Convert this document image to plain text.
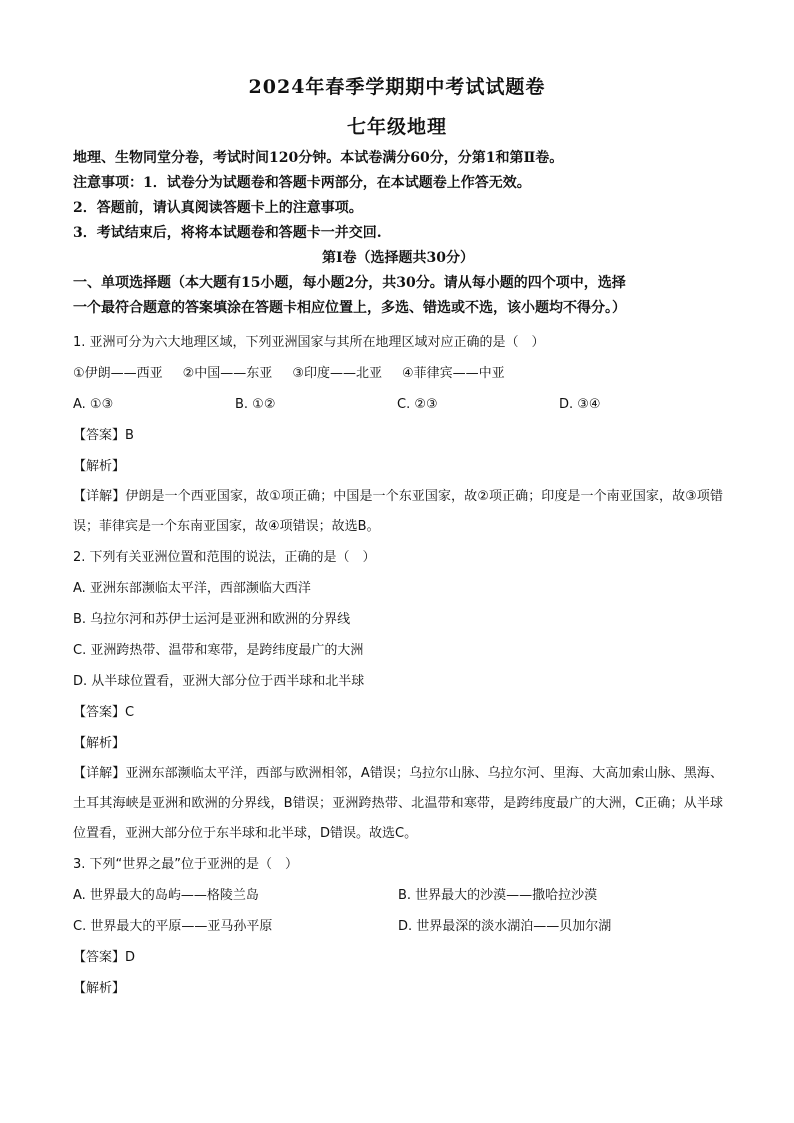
2024年春季学期期中考试试题卷
七年级地理
地理、生物同堂分卷，考试时间120分钟。本试卷满分60分，分第1和第Ⅱ卷。
注意事项：1．试卷分为试题卷和答题卡两部分，在本试题卷上作答无效。
2．答题前，请认真阅读答题卡上的注意事项。
3．考试结束后，将将本试题卷和答题卡一并交回.
第Ⅰ卷（选择题共30分）
一、单项选择题（本大题有15小题，每小题2分，共30分。请从每小题的四个项中，选择
一个最符合题意的答案填涂在答题卡相应位置上，多选、错选或不选，该小题均不得分。）
1. 亚洲可分为六大地理区域，下列亚洲国家与其所在地理区域对应正确的是（　）
①伊朗——西亚 ②中国——东亚 ③印度——北亚 ④菲律宾——中亚
A. ①③	B. ①②	C. ②③	D. ③④
【答案】B
【解析】
【详解】伊朗是一个西亚国家，故①项正确；中国是一个东亚国家，故②项正确；印度是一个南亚国家，故③项错误；菲律宾是一个东南亚国家，故④项错误；故选B。
2. 下列有关亚洲位置和范围的说法，正确的是（　）
A. 亚洲东部濒临太平洋，西部濒临大西洋
B. 乌拉尔河和苏伊士运河是亚洲和欧洲的分界线
C. 亚洲跨热带、温带和寒带，是跨纬度最广的大洲
D. 从半球位置看，亚洲大部分位于西半球和北半球
【答案】C
【解析】
【详解】亚洲东部濒临太平洋，西部与欧洲相邻，A错误；乌拉尔山脉、乌拉尔河、里海、大高加索山脉、黑海、土耳其海峡是亚洲和欧洲的分界线，B错误；亚洲跨热带、北温带和寒带，是跨纬度最广的大洲，C正确；从半球位置看，亚洲大部分位于东半球和北半球，D错误。故选C。
3. 下列“世界之最”位于亚洲的是（　）
A. 世界最大的岛屿——格陵兰岛	B. 世界最大的沙漠——撒哈拉沙漠
C. 世界最大的平原——亚马孙平原	D. 世界最深的淡水湖泊——贝加尔湖
【答案】D
【解析】
